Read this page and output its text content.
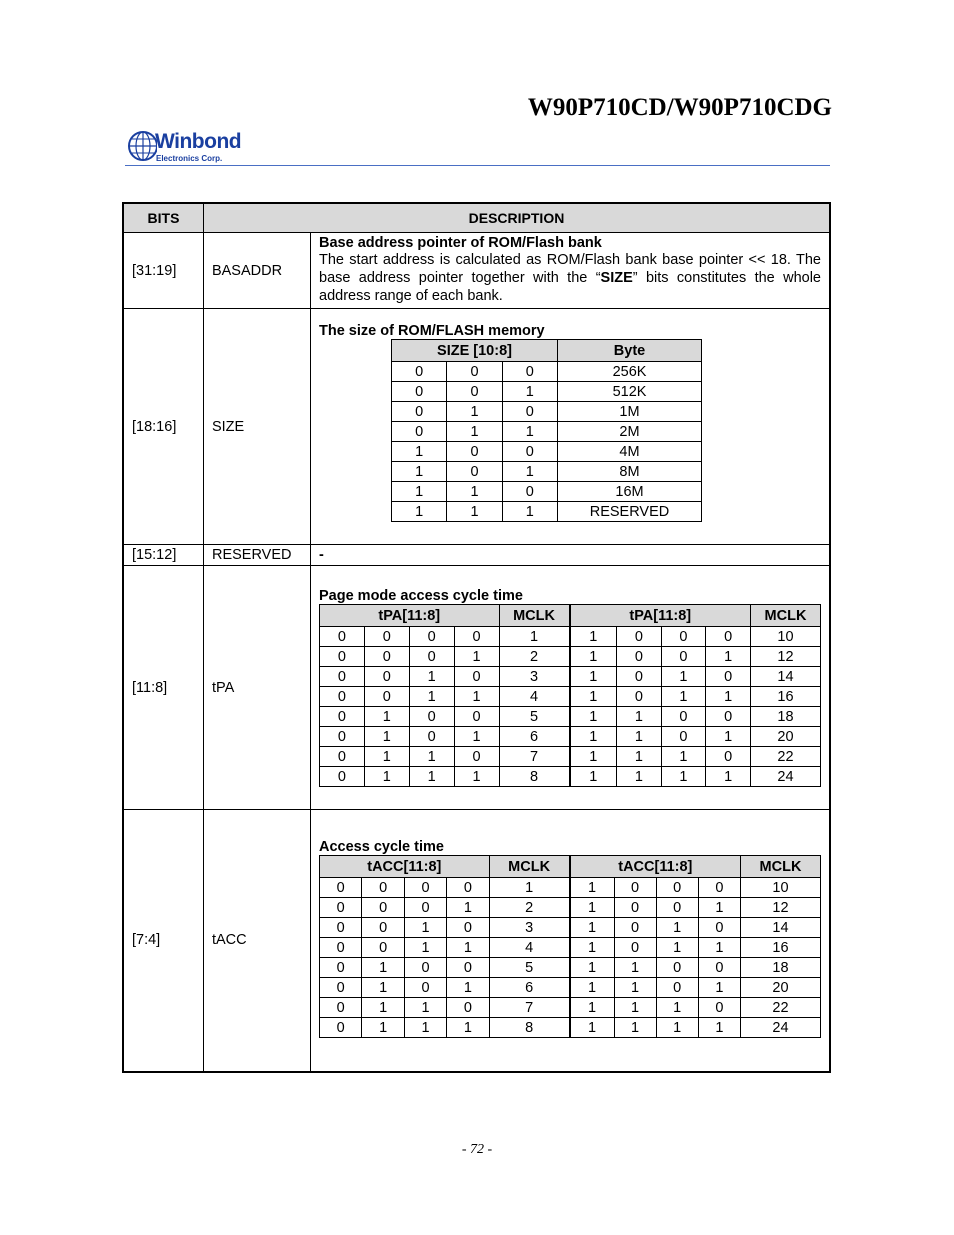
W90P710CD/W90P710CDG
Winbond
Electronics Corp.
BITS	DESCRIPTION
[31:19]	BASADDR	
Base address pointer of ROM/Flash bank
The start address is calculated as ROM/Flash bank base pointer << 18. The base address pointer together with the “SIZE” bits constitutes the whole address range of each bank.

[18:16]	SIZE	
The size of ROM/FLASH memory
SIZE [10:8]	Byte
0	0	0	256K
0	0	1	512K
0	1	0	1M
0	1	1	2M
1	0	0	4M
1	0	1	8M
1	1	0	16M
1	1	1	RESERVED

[15:12]	RESERVED	-
[11:8]	tPA	
Page mode access cycle time
tPA[11:8]	MCLK	tPA[11:8]	MCLK
0	0	0	0	1	1	0	0	0	10
0	0	0	1	2	1	0	0	1	12
0	0	1	0	3	1	0	1	0	14
0	0	1	1	4	1	0	1	1	16
0	1	0	0	5	1	1	0	0	18
0	1	0	1	6	1	1	0	1	20
0	1	1	0	7	1	1	1	0	22
0	1	1	1	8	1	1	1	1	24

[7:4]	tACC	
Access cycle time
tACC[11:8]	MCLK	tACC[11:8]	MCLK
0	0	0	0	1	1	0	0	0	10
0	0	0	1	2	1	0	0	1	12
0	0	1	0	3	1	0	1	0	14
0	0	1	1	4	1	0	1	1	16
0	1	0	0	5	1	1	0	0	18
0	1	0	1	6	1	1	0	1	20
0	1	1	0	7	1	1	1	0	22
0	1	1	1	8	1	1	1	1	24
- 72 -
